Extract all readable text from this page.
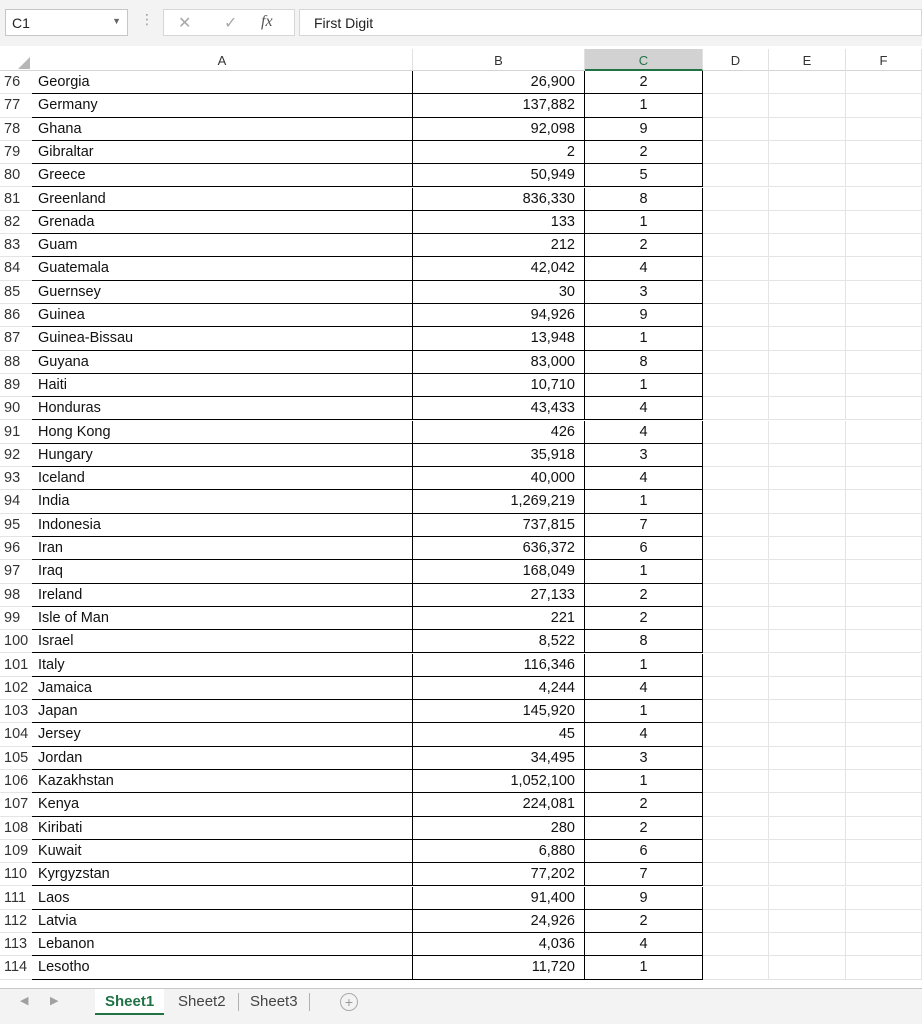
C1	▼ ⋮ ✕ ✓ fx	First Digit
A	B	C	D	E	F
76	Georgia	26,900	2
77	Germany	137,882	1
78	Ghana	92,098	9
79	Gibraltar	2	2
80	Greece	50,949	5
81	Greenland	836,330	8
82	Grenada	133	1
83	Guam	212	2
84	Guatemala	42,042	4
85	Guernsey	30	3
86	Guinea	94,926	9
87	Guinea-Bissau	13,948	1
88	Guyana	83,000	8
89	Haiti	10,710	1
90	Honduras	43,433	4
91	Hong Kong	426	4
92	Hungary	35,918	3
93	Iceland	40,000	4
94	India	1,269,219	1
95	Indonesia	737,815	7
96	Iran	636,372	6
97	Iraq	168,049	1
98	Ireland	27,133	2
99	Isle of Man	221	2
100 Israel	8,522	8
101 Italy	116,346	1
102 Jamaica	4,244	4
103 Japan	145,920	1
104 Jersey	45	4
105 Jordan	34,495	3
106 Kazakhstan	1,052,100	1
107 Kenya	224,081	2
108 Kiribati	280	2
109 Kuwait	6,880	6
110 Kyrgyzstan	77,202	7
111 Laos	91,400	9
112 Latvia	24,926	2
113 Lebanon	4,036	4
114 Lesotho	11,720	1
◀ ▶	Sheet1	Sheet2	Sheet3	+
